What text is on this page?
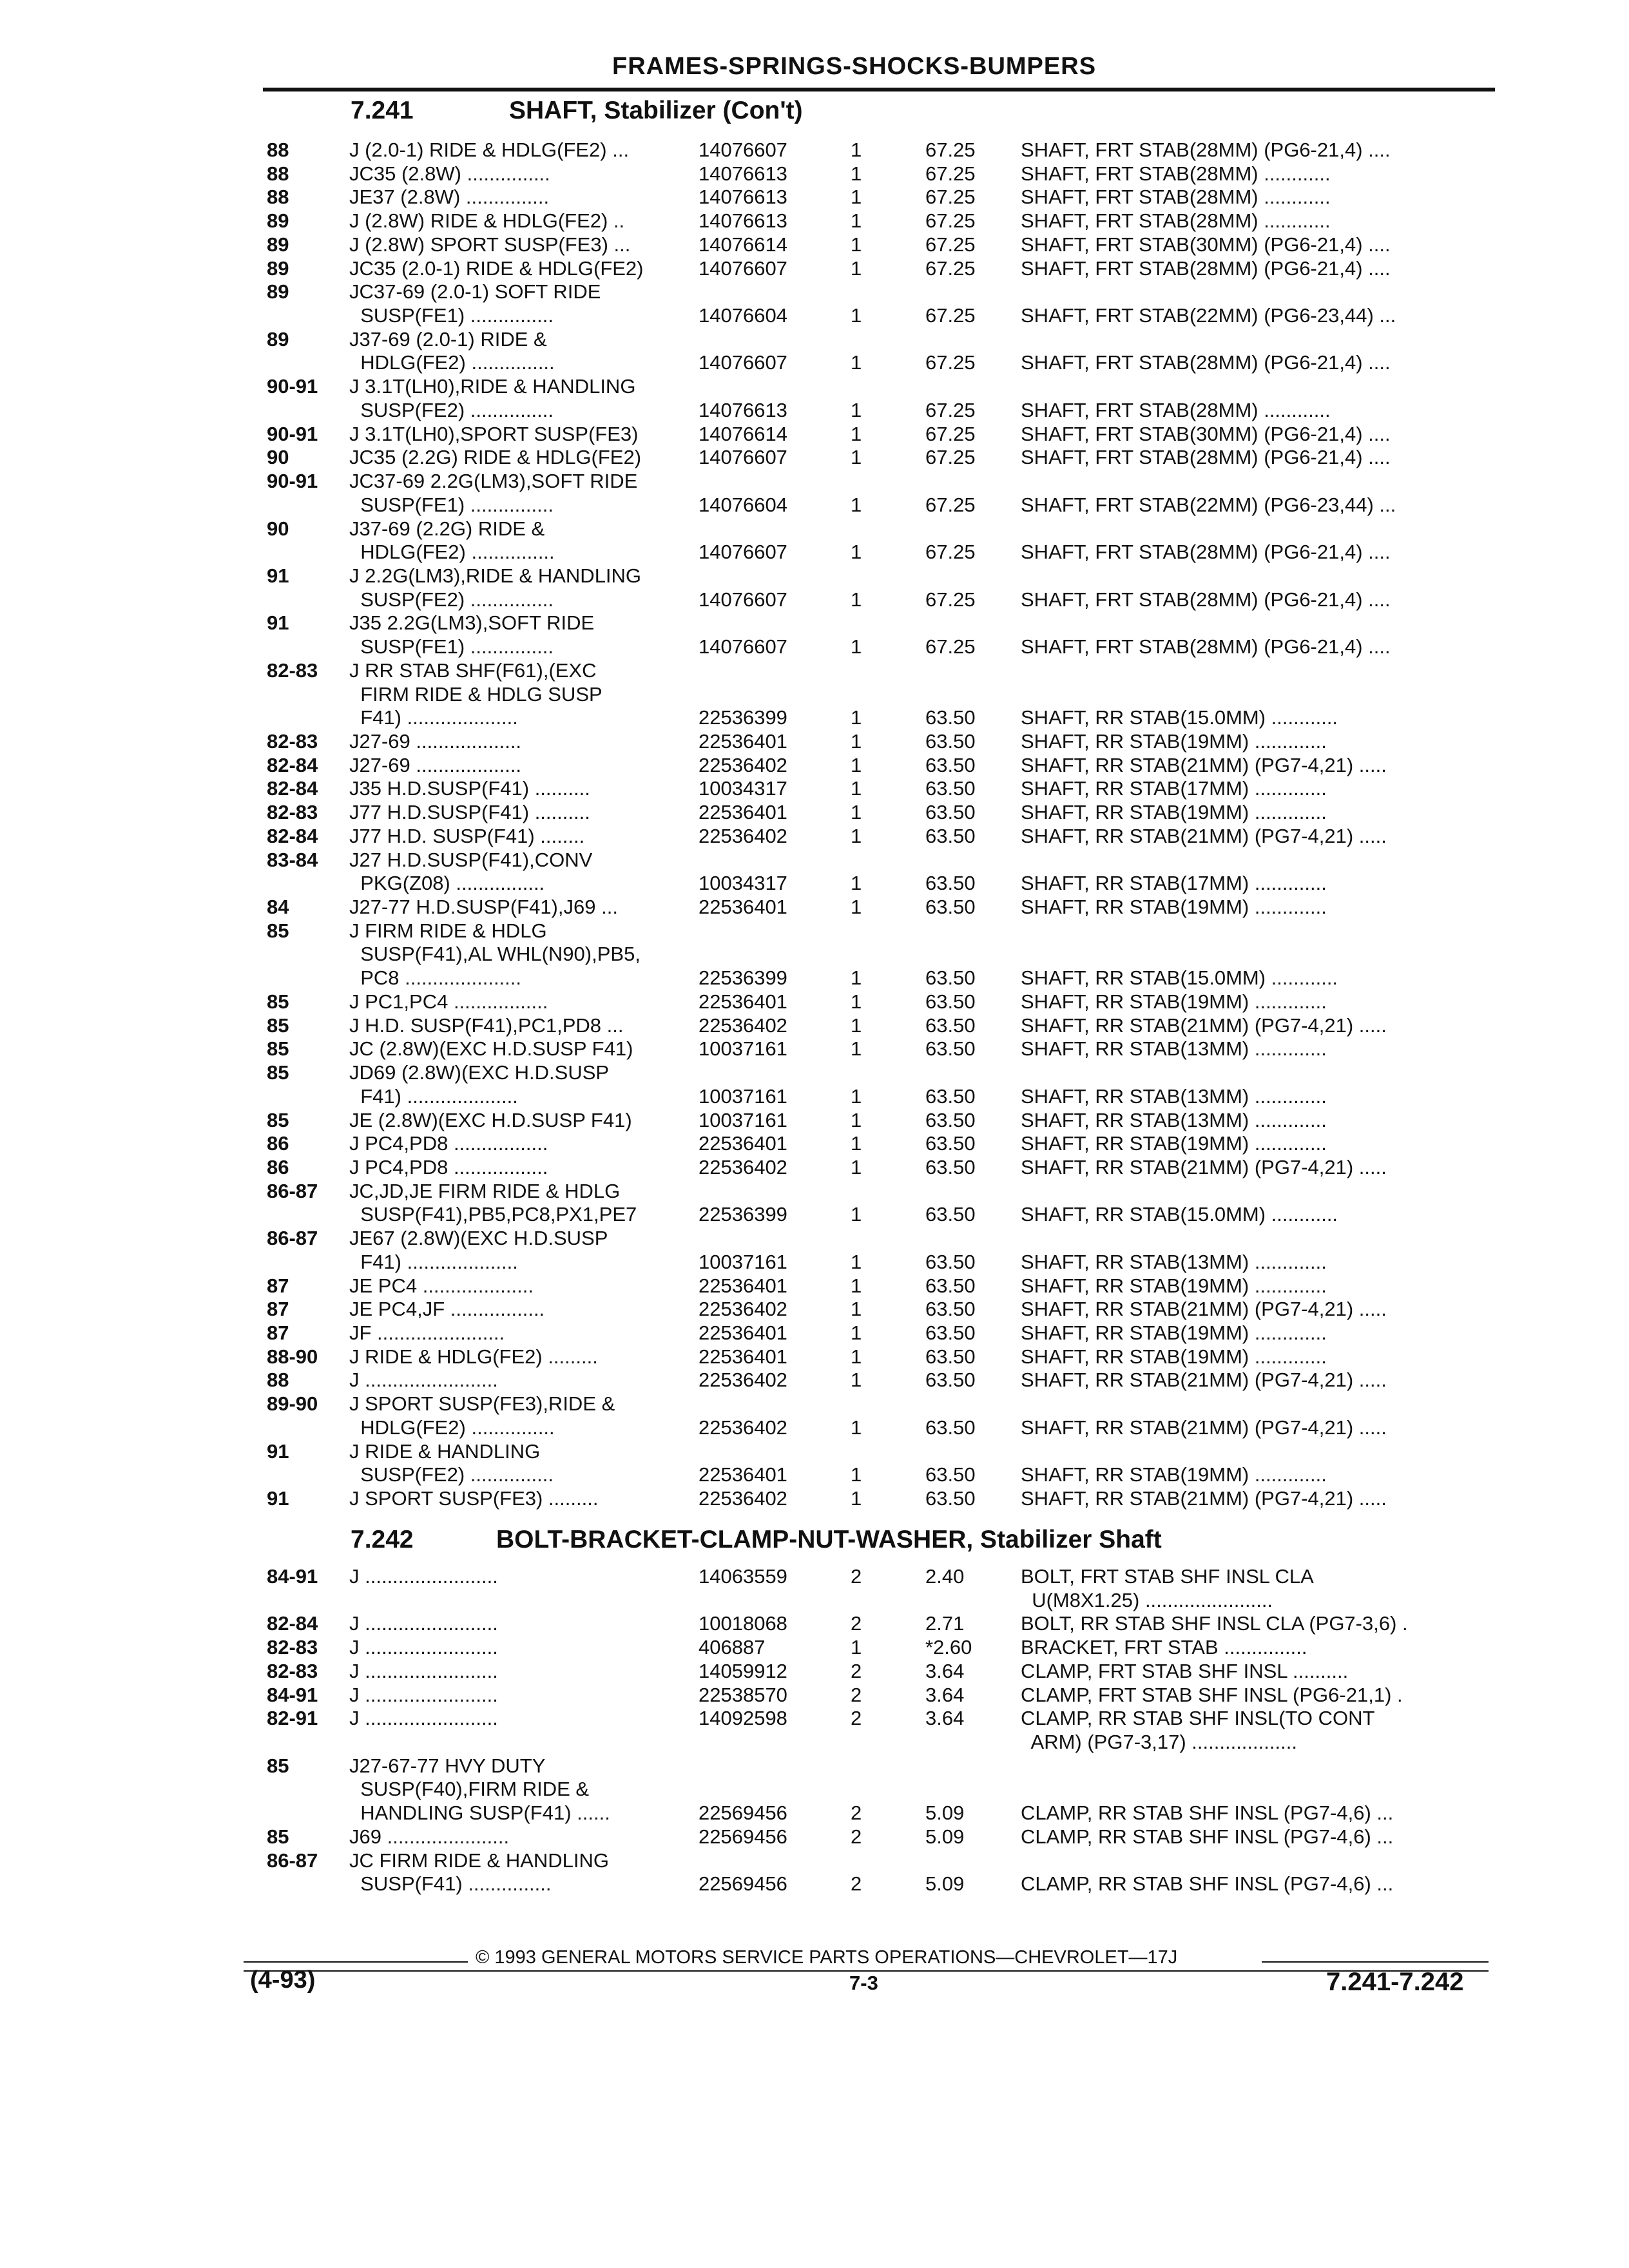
FRAMES-SPRINGS-SHOCKS-BUMPERS
7.241	SHAFT, Stabilizer (Con't)
88	J (2.0-1) RIDE & HDLG(FE2) ...	14076607	1	67.25 SHAFT, FRT STAB(28MM) (PG6-21,4) ....
88	JC35 (2.8W) ...............	14076613	1	67.25 SHAFT, FRT STAB(28MM) ............
88	JE37 (2.8W) ...............	14076613	1	67.25 SHAFT, FRT STAB(28MM) ............
89	J (2.8W) RIDE & HDLG(FE2) ..	14076613	1	67.25 SHAFT, FRT STAB(28MM) ............
89	J (2.8W) SPORT SUSP(FE3) ...	14076614	1	67.25 SHAFT, FRT STAB(30MM) (PG6-21,4) ....
89	JC35 (2.0-1) RIDE & HDLG(FE2)	14076607	1	67.25 SHAFT, FRT STAB(28MM) (PG6-21,4) ....
89	JC37-69 (2.0-1) SOFT RIDE
SUSP(FE1) ...............	14076604	1	67.25 SHAFT, FRT STAB(22MM) (PG6-23,44) ...
89	J37-69 (2.0-1) RIDE &
HDLG(FE2) ...............	14076607	1	67.25 SHAFT, FRT STAB(28MM) (PG6-21,4) ....
90-91 J 3.1T(LH0),RIDE & HANDLING
SUSP(FE2) ...............	14076613	1	67.25 SHAFT, FRT STAB(28MM) ............
90-91 J 3.1T(LH0),SPORT SUSP(FE3)	14076614	1	67.25 SHAFT, FRT STAB(30MM) (PG6-21,4) ....
90	JC35 (2.2G) RIDE & HDLG(FE2)	14076607	1	67.25 SHAFT, FRT STAB(28MM) (PG6-21,4) ....
90-91 JC37-69 2.2G(LM3),SOFT RIDE
SUSP(FE1) ...............	14076604	1	67.25 SHAFT, FRT STAB(22MM) (PG6-23,44) ...
90	J37-69 (2.2G) RIDE &
HDLG(FE2) ...............	14076607	1	67.25 SHAFT, FRT STAB(28MM) (PG6-21,4) ....
91	J 2.2G(LM3),RIDE & HANDLING
SUSP(FE2) ...............	14076607	1	67.25 SHAFT, FRT STAB(28MM) (PG6-21,4) ....
91	J35 2.2G(LM3),SOFT RIDE
SUSP(FE1) ...............	14076607	1	67.25 SHAFT, FRT STAB(28MM) (PG6-21,4) ....
82-83 J RR STAB SHF(F61),(EXC
FIRM RIDE & HDLG SUSP
F41) ....................	22536399	1	63.50 SHAFT, RR STAB(15.0MM) ............
82-83 J27-69 ...................	22536401	1	63.50 SHAFT, RR STAB(19MM) .............
82-84 J27-69 ...................	22536402	1	63.50 SHAFT, RR STAB(21MM) (PG7-4,21) .....
82-84 J35 H.D.SUSP(F41) ..........	10034317	1	63.50 SHAFT, RR STAB(17MM) .............
82-83 J77 H.D.SUSP(F41) ..........	22536401	1	63.50 SHAFT, RR STAB(19MM) .............
82-84 J77 H.D. SUSP(F41) ........	22536402	1	63.50 SHAFT, RR STAB(21MM) (PG7-4,21) .....
83-84 J27 H.D.SUSP(F41),CONV
PKG(Z08) ................	10034317	1	63.50 SHAFT, RR STAB(17MM) .............
84	J27-77 H.D.SUSP(F41),J69 ...	22536401	1	63.50 SHAFT, RR STAB(19MM) .............
85	J FIRM RIDE & HDLG
SUSP(F41),AL WHL(N90),PB5,
PC8 .....................	22536399	1	63.50 SHAFT, RR STAB(15.0MM) ............
85	J PC1,PC4 .................	22536401	1	63.50 SHAFT, RR STAB(19MM) .............
85	J H.D. SUSP(F41),PC1,PD8 ...	22536402	1	63.50 SHAFT, RR STAB(21MM) (PG7-4,21) .....
85	JC (2.8W)(EXC H.D.SUSP F41)	10037161	1	63.50 SHAFT, RR STAB(13MM) .............
85	JD69 (2.8W)(EXC H.D.SUSP
F41) ....................	10037161	1	63.50 SHAFT, RR STAB(13MM) .............
85	JE (2.8W)(EXC H.D.SUSP F41)	10037161	1	63.50 SHAFT, RR STAB(13MM) .............
86	J PC4,PD8 .................	22536401	1	63.50 SHAFT, RR STAB(19MM) .............
86	J PC4,PD8 .................	22536402	1	63.50 SHAFT, RR STAB(21MM) (PG7-4,21) .....
86-87 JC,JD,JE FIRM RIDE & HDLG
SUSP(F41),PB5,PC8,PX1,PE7	22536399	1	63.50 SHAFT, RR STAB(15.0MM) ............
86-87 JE67 (2.8W)(EXC H.D.SUSP
F41) ....................	10037161	1	63.50 SHAFT, RR STAB(13MM) .............
87	JE PC4 ....................	22536401	1	63.50 SHAFT, RR STAB(19MM) .............
87	JE PC4,JF .................	22536402	1	63.50 SHAFT, RR STAB(21MM) (PG7-4,21) .....
87	JF .......................	22536401	1	63.50 SHAFT, RR STAB(19MM) .............
88-90 J RIDE & HDLG(FE2) .........	22536401	1	63.50 SHAFT, RR STAB(19MM) .............
88	J ........................	22536402	1	63.50 SHAFT, RR STAB(21MM) (PG7-4,21) .....
89-90 J SPORT SUSP(FE3),RIDE &
HDLG(FE2) ...............	22536402	1	63.50 SHAFT, RR STAB(21MM) (PG7-4,21) .....
91	J RIDE & HANDLING
SUSP(FE2) ...............	22536401	1	63.50 SHAFT, RR STAB(19MM) .............
91	J SPORT SUSP(FE3) .........	22536402	1	63.50 SHAFT, RR STAB(21MM) (PG7-4,21) .....
7.242	BOLT-BRACKET-CLAMP-NUT-WASHER, Stabilizer Shaft
84-91 J ........................	14063559	2	2.40	BOLT, FRT STAB SHF INSL CLA
U(M8X1.25) .......................
82-84 J ........................	10018068	2	2.71	BOLT, RR STAB SHF INSL CLA (PG7-3,6) .
82-83 J ........................	406887	1	*2.60 BRACKET, FRT STAB ...............
82-83 J ........................	14059912	2	3.64	CLAMP, FRT STAB SHF INSL ..........
84-91 J ........................	22538570	2	3.64	CLAMP, FRT STAB SHF INSL (PG6-21,1) .
82-91 J ........................	14092598	2	3.64	CLAMP, RR STAB SHF INSL(TO CONT
ARM) (PG7-3,17) ...................
85	J27-67-77 HVY DUTY
SUSP(F40),FIRM RIDE &
HANDLING SUSP(F41) ......	22569456	2	5.09	CLAMP, RR STAB SHF INSL (PG7-4,6) ...
85	J69 ......................	22569456	2	5.09	CLAMP, RR STAB SHF INSL (PG7-4,6) ...
86-87 JC FIRM RIDE & HANDLING
SUSP(F41) ...............	22569456	2	5.09	CLAMP, RR STAB SHF INSL (PG7-4,6) ...
© 1993 GENERAL MOTORS SERVICE PARTS OPERATIONS—CHEVROLET—17J
(4-93)	7-3	7.241-7.242
